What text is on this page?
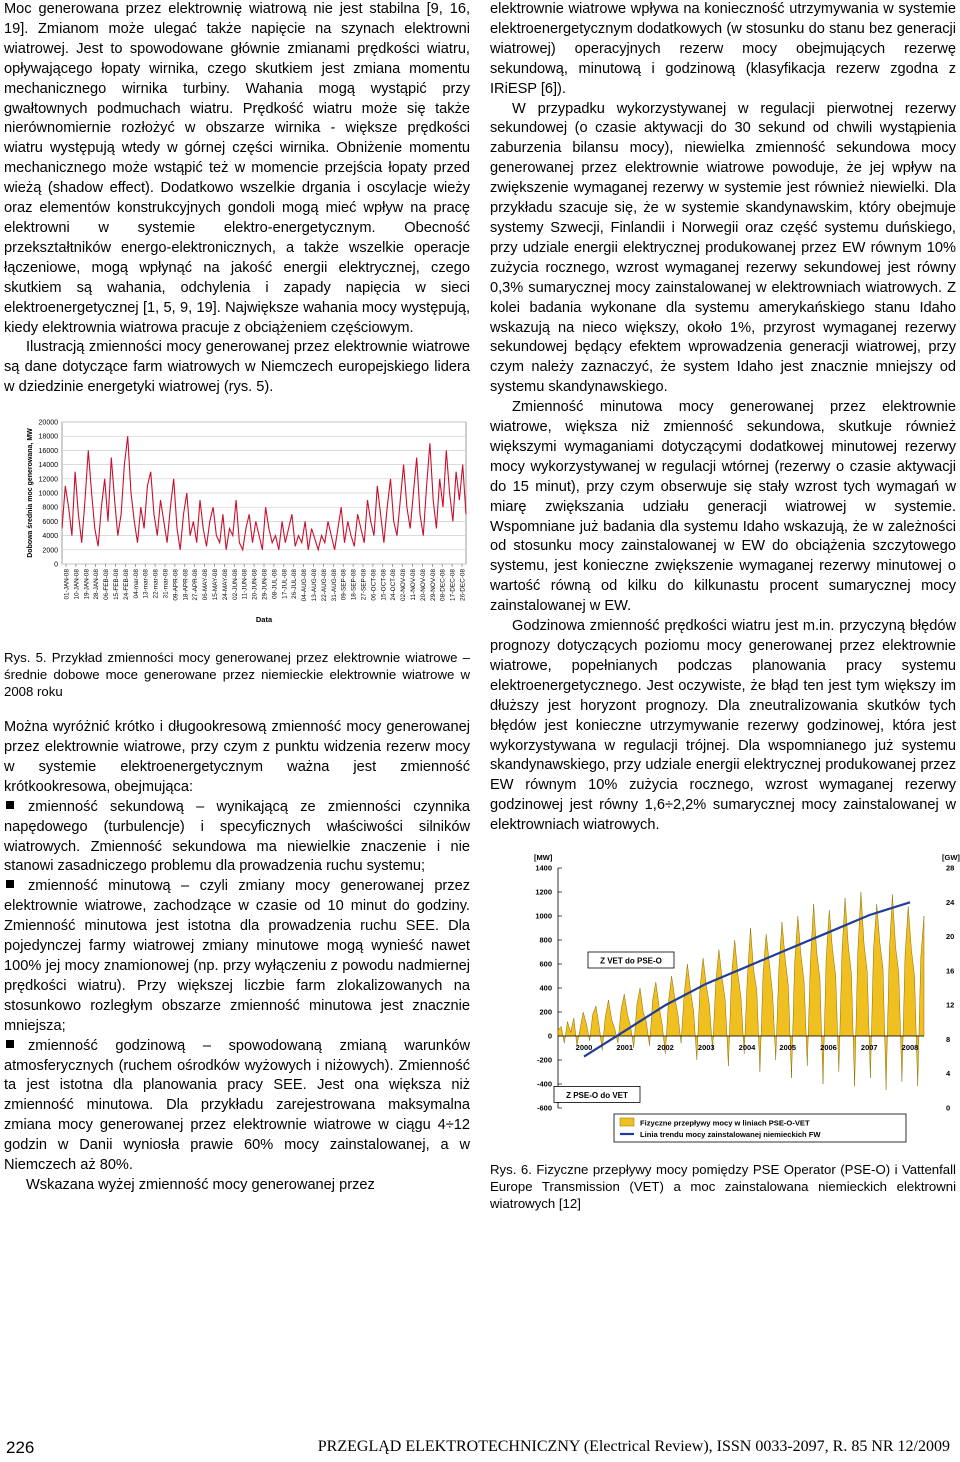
Moc generowana przez elektrownię wiatrową nie jest stabilna [9, 16, 19]. Zmianom może ulegać także napięcie na szynach elektrowni wiatrowej. Jest to spowodowane głównie zmianami prędkości wiatru, opływającego łopaty wirnika, czego skutkiem jest zmiana momentu mechanicznego wirnika turbiny. Wahania mogą wystąpić przy gwałtownych podmuchach wiatru. Prędkość wiatru może się także nierównomiernie rozłożyć w obszarze wirnika - większe prędkości wiatru występują wtedy w górnej części wirnika. Obniżenie momentu mechanicznego może wstąpić też w momencie przejścia łopaty przed wieżą (shadow effect). Dodatkowo wszelkie drgania i oscylacje wieży oraz elementów konstrukcyjnych gondoli mogą mieć wpływ na pracę elektrowni w systemie elektro-energetycznym. Obecność przekształtników energo-elektronicznych, a także wszelkie operacje łączeniowe, mogą wpłynąć na jakość energii elektrycznej, czego skutkiem są wahania, odchylenia i zapady napięcia w sieci elektroenergetycznej [1, 5, 9, 19]. Największe wahania mocy występują, kiedy elektrownia wiatrowa pracuje z obciążeniem częściowym.

Ilustracją zmienności mocy generowanej przez elektrownie wiatrowe są dane dotyczące farm wiatrowych w Niemczech europejskiego lidera w dziedzinie energetyki wiatrowej (rys. 5).

0
2000
4000
6000
8000
10000
12000
14000
16000
18000
20000
01-JAN-08 10-JAN-08 19-JAN-08 28-JAN-08 06-FEB-08 15-FEB-08 24-FEB-08 04-mar-08 13-mar-08 22-mar-08 31-mar-08 09-APR-08 18-APR-08 27-APR-08 06-MAY-08 15-MAY-08 24-MAY-08 02-JUN-08 11-JUN-08 20-JUN-08 29-JUN-08 08-JUL-08 17-JUL-08 26-JUL-08 04-AUG-08 13-AUG-08 22-AUG-08 31-AUG-08 09-SEP-08 18-SEP-08 27-SEP-08 06-OCT-08 15-OCT-08 24-OCT-08 02-NOV-08 11-NOV-08 20-NOV-08 29-NOV-08 08-DEC-08 17-DEC-08 26-DEC-08
Dobowa średnia moc generowana, MW
Data

Rys. 5. Przykład zmienności mocy generowanej przez elektrownie wiatrowe – średnie dobowe moce generowane przez niemieckie elektrownie wiatrowe w 2008 roku

Można wyróżnić krótko i długookresową zmienność mocy generowanej przez elektrownie wiatrowe, przy czym z punktu widzenia rezerw mocy w systemie elektroenergetycznym ważna jest zmienność krótkookresowa, obejmująca:

zmienność sekundową – wynikającą ze zmienności czynnika napędowego (turbulencje) i specyficznych właściwości silników wiatrowych. Zmienność sekundowa ma niewielkie znaczenie i nie stanowi zasadniczego problemu dla prowadzenia ruchu systemu;

zmienność minutową – czyli zmiany mocy generowanej przez elektrownie wiatrowe, zachodzące w czasie od 10 minut do godziny. Zmienność minutowa jest istotna dla prowadzenia ruchu SEE. Dla pojedynczej farmy wiatrowej zmiany minutowe mogą wynieść nawet 100% jej mocy znamionowej (np. przy wyłączeniu z powodu nadmiernej prędkości wiatru). Przy większej liczbie farm zlokalizowanych na stosunkowo rozległym obszarze zmienność minutowa jest znacznie mniejsza;

zmienność godzinową – spowodowaną zmianą warunków atmosferycznych (ruchem ośrodków wyżowych i niżowych). Zmienność ta jest istotna dla planowania pracy SEE. Jest ona większa niż zmienność minutowa. Dla przykładu zarejestrowana maksymalna zmiana mocy generowanej przez elektrownie wiatrowe w ciągu 4÷12 godzin w Danii wyniosła prawie 60% mocy zainstalowanej, a w Niemczech aż 80%.

Wskazana wyżej zmienność mocy generowanej przez

elektrownie wiatrowe wpływa na konieczność utrzymywania w systemie elektroenergetycznym dodatkowych (w stosunku do stanu bez generacji wiatrowej) operacyjnych rezerw mocy obejmujących rezerwę sekundową, minutową i godzinową (klasyfikacja rezerw zgodna z IRiESP [6]).

W przypadku wykorzystywanej w regulacji pierwotnej rezerwy sekundowej (o czasie aktywacji do 30 sekund od chwili wystąpienia zaburzenia bilansu mocy), niewielka zmienność sekundowa mocy generowanej przez elektrownie wiatrowe powoduje, że jej wpływ na zwiększenie wymaganej rezerwy w systemie jest również niewielki. Dla przykładu szacuje się, że w systemie skandynawskim, który obejmuje systemy Szwecji, Finlandii i Norwegii oraz część systemu duńskiego, przy udziale energii elektrycznej produkowanej przez EW równym 10% zużycia rocznego, wzrost wymaganej rezerwy sekundowej jest równy 0,3% sumarycznej mocy zainstalowanej w elektrowniach wiatrowych. Z kolei badania wykonane dla systemu amerykańskiego stanu Idaho wskazują na nieco większy, około 1%, przyrost wymaganej rezerwy sekundowej będący efektem wprowadzenia generacji wiatrowej, przy czym należy zaznaczyć, że system Idaho jest znacznie mniejszy od systemu skandynawskiego.

Zmienność minutowa mocy generowanej przez elektrownie wiatrowe, większa niż zmienność sekundowa, skutkuje również większymi wymaganiami dotyczącymi dodatkowej minutowej rezerwy mocy wykorzystywanej w regulacji wtórnej (rezerwy o czasie aktywacji do 15 minut), przy czym obserwuje się stały wzrost tych wymagań w miarę zwiększania udziału generacji wiatrowej w systemie. Wspomniane już badania dla systemu Idaho wskazują, że w zależności od stosunku mocy zainstalowanej w EW do obciążenia szczytowego systemu, jest konieczne zwiększenie wymaganej rezerwy minutowej o wartość równą od kilku do kilkunastu procent sumarycznej mocy zainstalowanej w EW.

Godzinowa zmienność prędkości wiatru jest m.in. przyczyną błędów prognozy dotyczących poziomu mocy generowanej przez elektrownie wiatrowe, popełnianych podczas planowania pracy systemu elektroenergetycznego. Jest oczywiste, że błąd ten jest tym większy im dłuższy jest horyzont prognozy. Dla zneutralizowania skutków tych błędów jest konieczne utrzymywanie rezerwy godzinowej, która jest wykorzystywana w regulacji trójnej. Dla wspomnianego już systemu skandynawskiego, przy udziale energii elektrycznej produkowanej przez EW równym 10% zużycia rocznego, wzrost wymaganej rezerwy godzinowej jest równy 1,6÷2,2% sumarycznej mocy zainstalowanej w elektrowniach wiatrowych.

-600
-400
-200
0
200
400
600
800
1000
1200
1400
0
4
8
12
16
20
24
28
[MW]	[GW]
2000	2001	2002	2003	2004	2005	2006	2007	2008
Z VET do PSE-O
Z PSE-O do VET
Fizyczne przepływy mocy w liniach PSE-O-VET
Linia trendu mocy zainstalowanej niemieckich FW

Rys. 6. Fizyczne przepływy mocy pomiędzy PSE Operator (PSE-O) i Vattenfall Europe Transmission (VET) a moc zainstalowana niemieckich elektrowni wiatrowych [12]

226	PRZEGLĄD ELEKTROTECHNICZNY (Electrical Review), ISSN 0033-2097, R. 85 NR 12/2009
